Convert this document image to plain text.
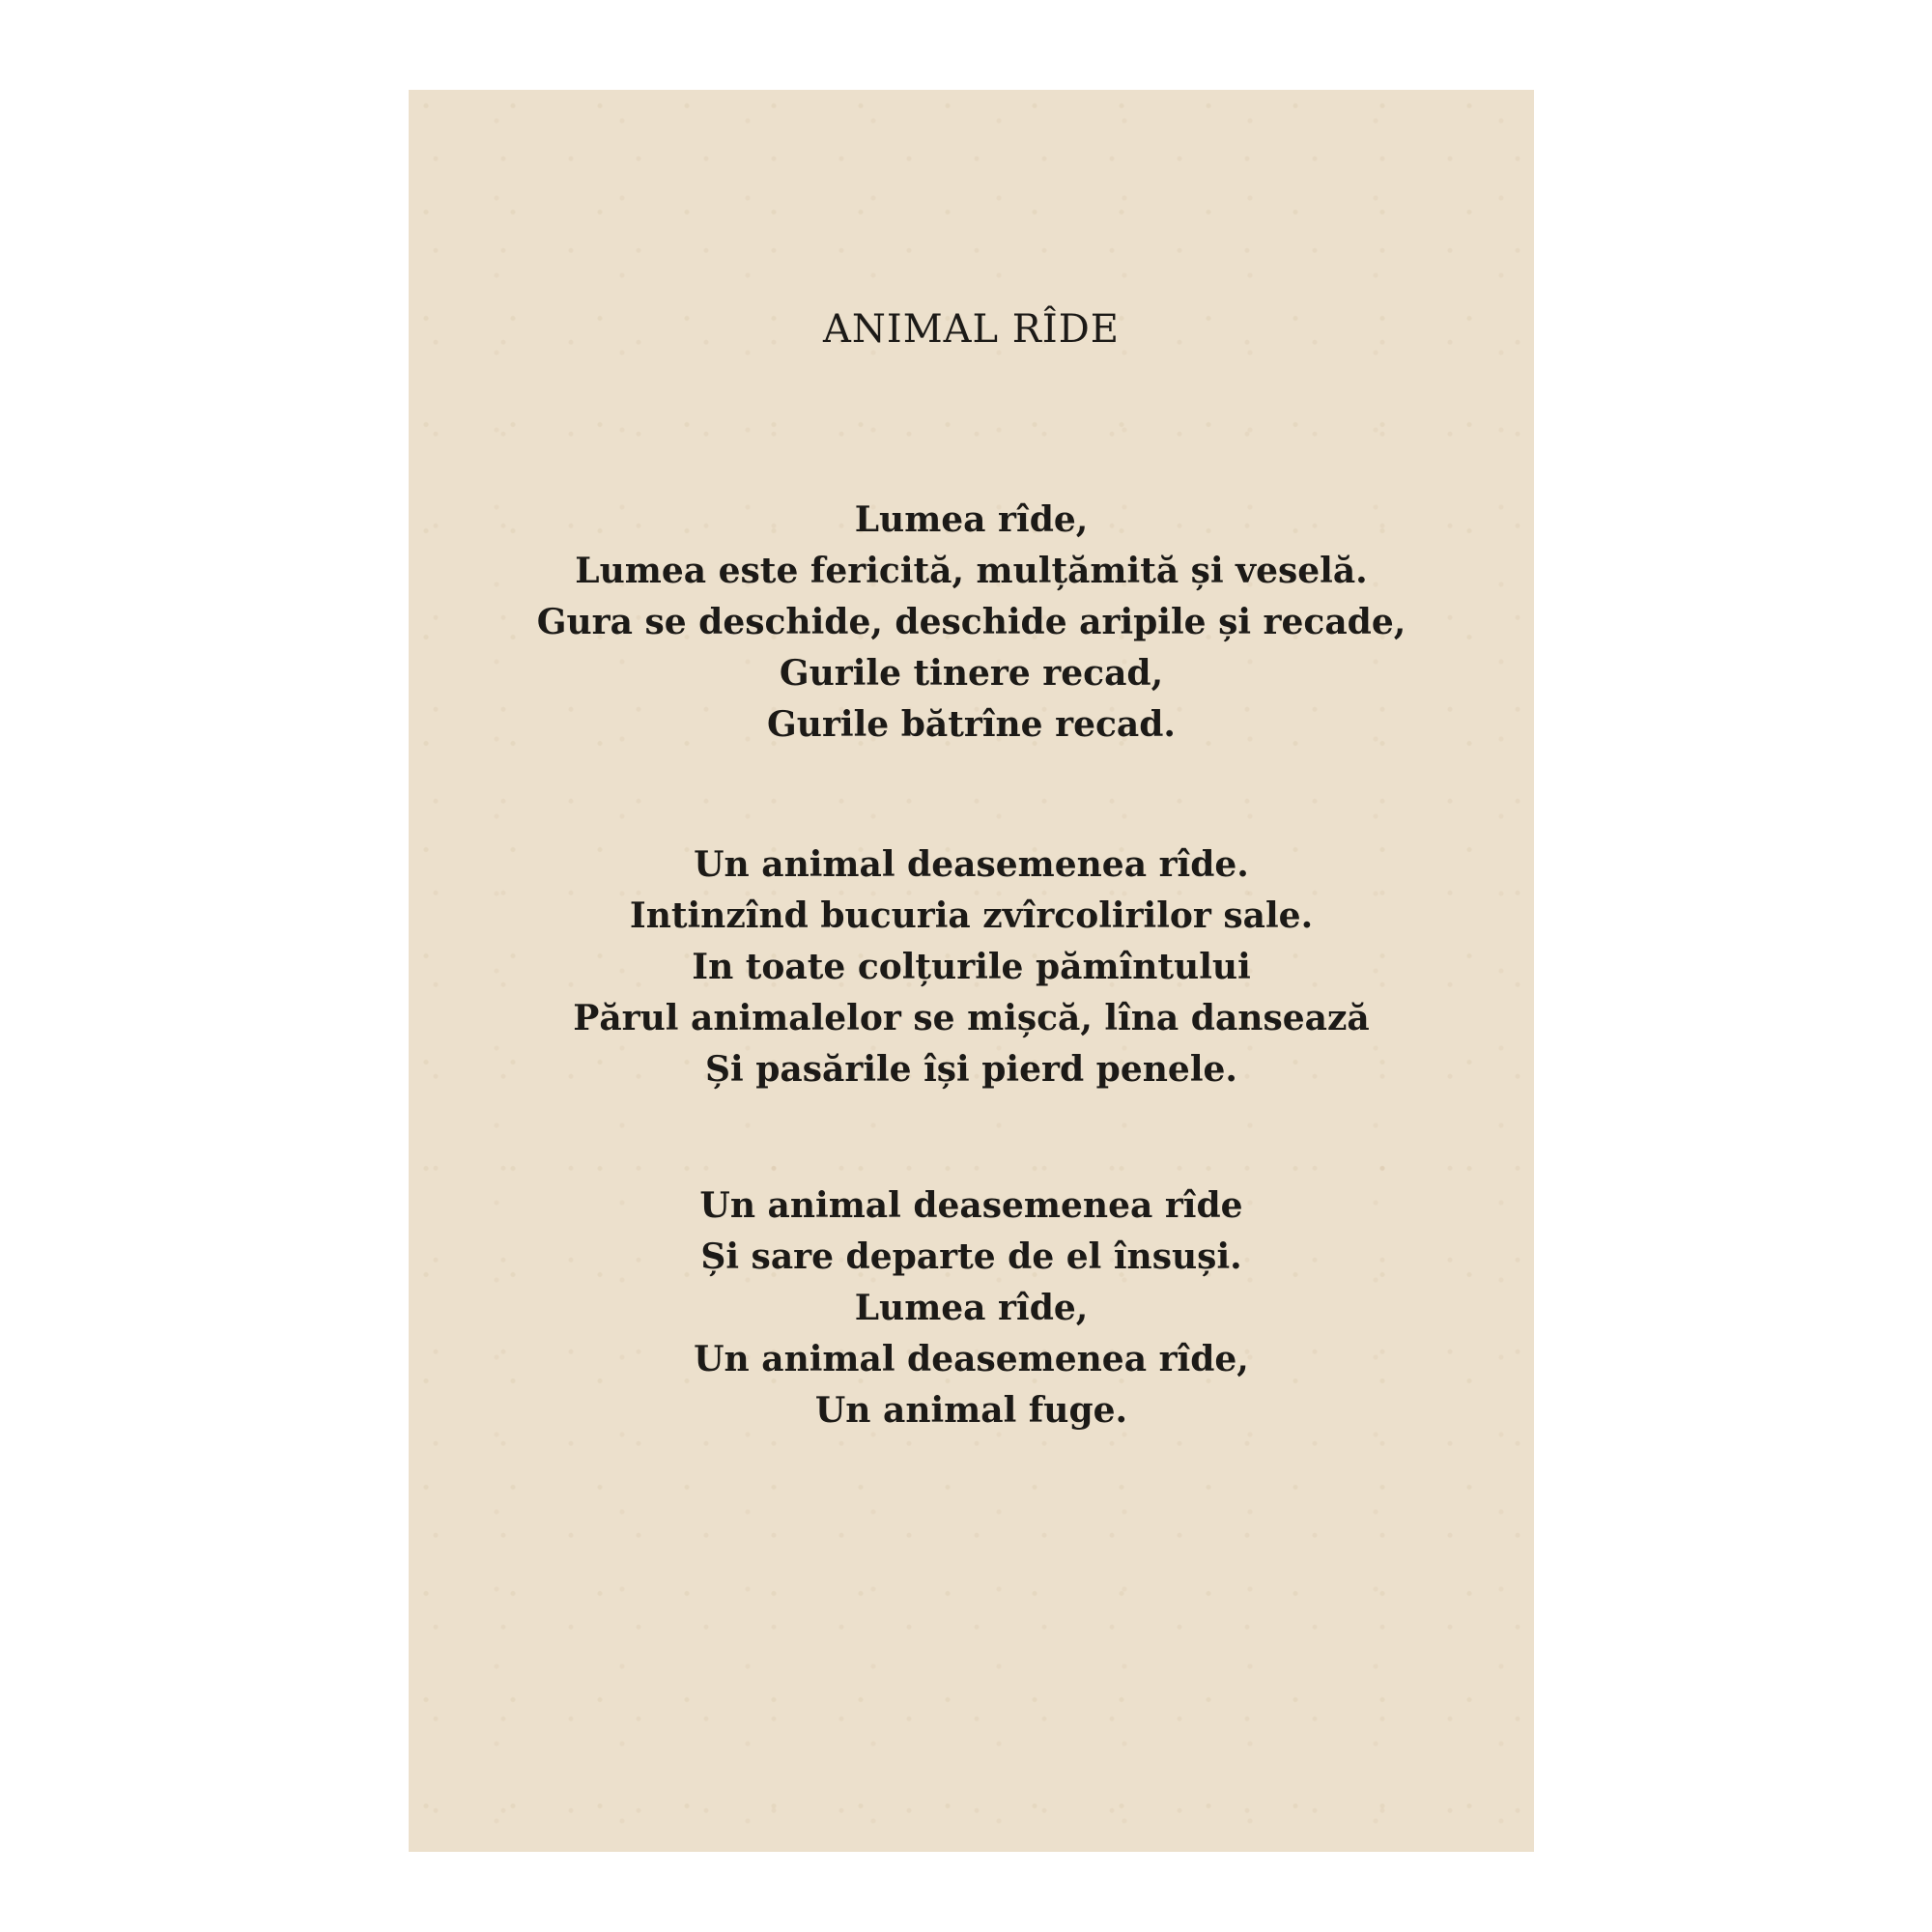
ANIMAL RÎDE
Lumea rîde,
Lumea este fericită, mulțămită și veselă.
Gura se deschide, deschide aripile și recade,
Gurile tinere recad,
Gurile bătrîne recad.
Un animal deasemenea rîde.
Intinzînd bucuria zvîrcolirilor sale.
In toate colțurile pămîntului
Părul animalelor se mișcă, lîna dansează
Și pasările își pierd penele.
Un animal deasemenea rîde
Și sare departe de el însuși.
Lumea rîde,
Un animal deasemenea rîde,
Un animal fuge.
